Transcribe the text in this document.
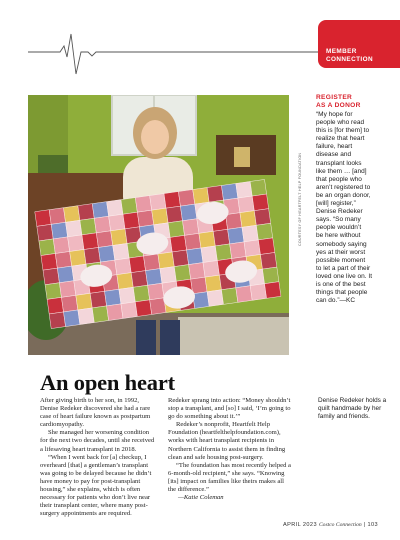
MEMBER
CONNECTION
COURTESY OF HEARTFELT HELP FOUNDATION
REGISTER
AS A DONOR
“My hope for
people who read
this is [for them] to
realize that heart
failure, heart
disease and
transplant looks
like them … [and]
that people who
aren’t registered to
be an organ donor,
[will] register,”
Denise Redeker
says. “So many
people wouldn’t
be here without
somebody saying
yes at their worst
possible moment
to let a part of their
loved one live on. It
is one of the best
things that people
can do.”—KC
An open heart

After giving birth to her son, in 1992, Denise Redeker discovered she had a rare case of heart failure known as postpartum cardiomyopathy.

She managed her worsening condition for the next two decades, until she received a lifesaving heart transplant in 2018.

“When I went back for [a] checkup, I overheard [that] a gentleman’s transplant was going to be delayed because he didn’t have money to pay for post-transplant housing,” she explains, which is often necessary for patients who don’t live near their transplant center, where many post-surgery appointments are required.

Redeker sprang into action: “Money shouldn’t stop a transplant, and [so] I said, ‘I’m going to go do something about it.’”

Redeker’s nonprofit, Heartfelt Help Foundation (heartfelthelpfoundation.com), works with heart transplant recipients in Northern California to assist them in finding clean and safe housing post-surgery.

“The foundation has most recently helped a 6-month-old recipient,” she says. “Knowing [its] impact on families like theirs makes all the difference.”

—Katie Coleman
Denise Redeker holds a quilt handmade by her family and friends.
APRIL 2023 Costco Connection | 103
